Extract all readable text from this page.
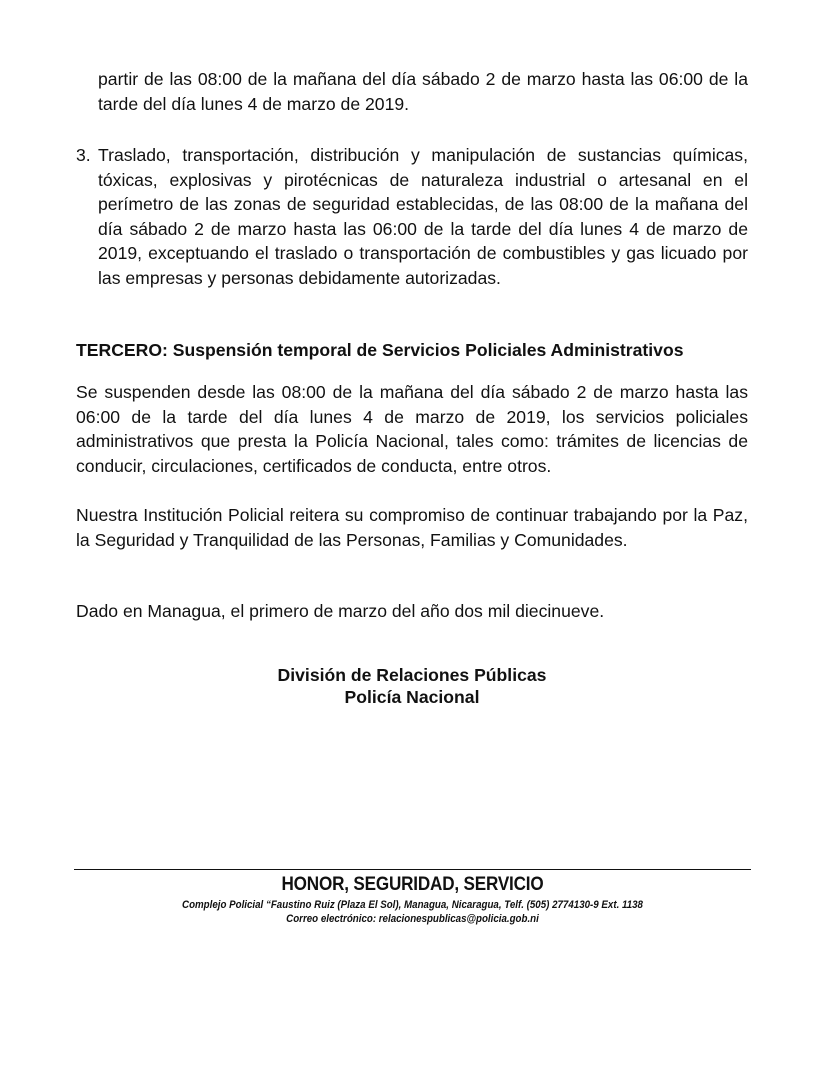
partir de las 08:00 de la mañana del día sábado 2 de marzo hasta las 06:00 de la tarde del día lunes 4 de marzo de 2019.

3. Traslado, transportación, distribución y manipulación de sustancias químicas, tóxicas, explosivas y pirotécnicas de naturaleza industrial o artesanal en el perímetro de las zonas de seguridad establecidas, de las 08:00 de la mañana del día sábado 2 de marzo hasta las 06:00 de la tarde del día lunes 4 de marzo de 2019, exceptuando el traslado o transportación de combustibles y gas licuado por las empresas y personas debidamente autorizadas.

TERCERO: Suspensión temporal de Servicios Policiales Administrativos

Se suspenden desde las 08:00 de la mañana del día sábado 2 de marzo hasta las 06:00 de la tarde del día lunes 4 de marzo de 2019, los servicios policiales administrativos que presta la Policía Nacional, tales como: trámites de licencias de conducir, circulaciones, certificados de conducta, entre otros.

Nuestra Institución Policial reitera su compromiso de continuar trabajando por la Paz, la Seguridad y Tranquilidad de las Personas, Familias y Comunidades.

Dado en Managua, el primero de marzo del año dos mil diecinueve.

División de Relaciones Públicas
Policía Nacional
HONOR, SEGURIDAD, SERVICIO
Complejo Policial “Faustino Ruiz (Plaza El Sol), Managua, Nicaragua, Telf. (505) 2774130-9 Ext. 1138
Correo electrónico: relacionespublicas@policia.gob.ni
